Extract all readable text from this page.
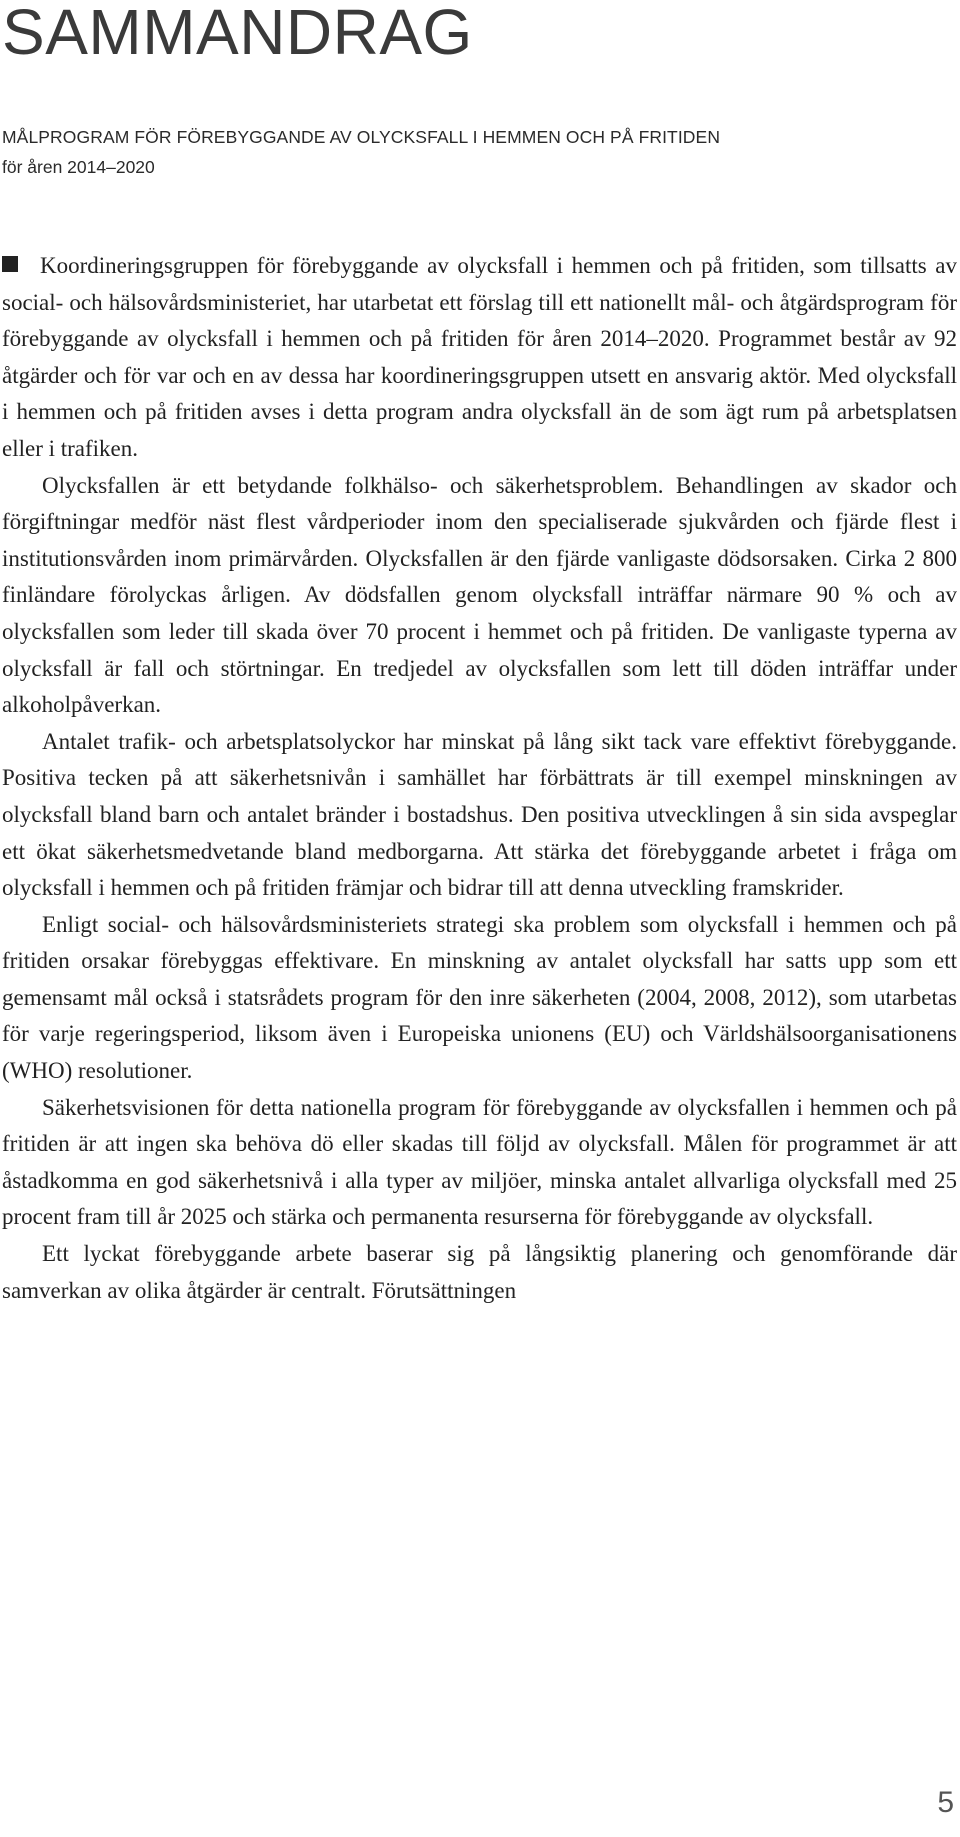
SAMMANDRAG
MÅLPROGRAM FÖR FÖREBYGGANDE AV OLYCKSFALL I HEMMEN OCH PÅ FRITIDEN
för åren 2014–2020

Koordineringsgruppen för förebyggande av olycksfall i hemmen och på fritiden, som tillsatts av social- och hälsovårdsministeriet, har utarbetat ett förslag till ett nationellt mål- och åtgärdsprogram för förebyggande av olycksfall i hemmen och på fritiden för åren 2014–2020. Programmet består av 92 åtgärder och för var och en av dessa har koordineringsgruppen utsett en ansvarig aktör. Med olycksfall i hemmen och på fritiden avses i detta program andra olycksfall än de som ägt rum på arbetsplatsen eller i trafiken.

Olycksfallen är ett betydande folkhälso- och säkerhetsproblem. Behandlingen av skador och förgiftningar medför näst flest vårdperioder inom den specialiserade sjukvården och fjärde flest i institutionsvården inom primärvården. Olycksfallen är den fjärde vanligaste dödsorsaken. Cirka 2 800 finländare förolyckas årligen. Av dödsfallen genom olycksfall inträffar närmare 90 % och av olycksfallen som leder till skada över 70 procent i hemmet och på fritiden. De vanligaste typerna av olycksfall är fall och störtningar. En tredjedel av olycksfallen som lett till döden inträffar under alkoholpåverkan.

Antalet trafik- och arbetsplatsolyckor har minskat på lång sikt tack vare effektivt förebyggande. Positiva tecken på att säkerhetsnivån i samhället har förbättrats är till exempel minskningen av olycksfall bland barn och antalet bränder i bostadshus. Den positiva utvecklingen å sin sida avspeglar ett ökat säkerhetsmedvetande bland medborgarna. Att stärka det förebyggande arbetet i fråga om olycksfall i hemmen och på fritiden främjar och bidrar till att denna utveckling framskrider.

Enligt social- och hälsovårdsministeriets strategi ska problem som olycksfall i hemmen och på fritiden orsakar förebyggas effektivare. En minskning av antalet olycksfall har satts upp som ett gemensamt mål också i statsrådets program för den inre säkerheten (2004, 2008, 2012), som utarbetas för varje regeringsperiod, liksom även i Europeiska unionens (EU) och Världshälsoorganisationens (WHO) resolutioner.

Säkerhetsvisionen för detta nationella program för förebyggande av olycksfallen i hemmen och på fritiden är att ingen ska behöva dö eller skadas till följd av olycksfall. Målen för programmet är att åstadkomma en god säkerhetsnivå i alla typer av miljöer, minska antalet allvarliga olycksfall med 25 procent fram till år 2025 och stärka och permanenta resurserna för förebyggande av olycksfall.

Ett lyckat förebyggande arbete baserar sig på långsiktig planering och genomförande där samverkan av olika åtgärder är centralt. Förutsättningen

5
